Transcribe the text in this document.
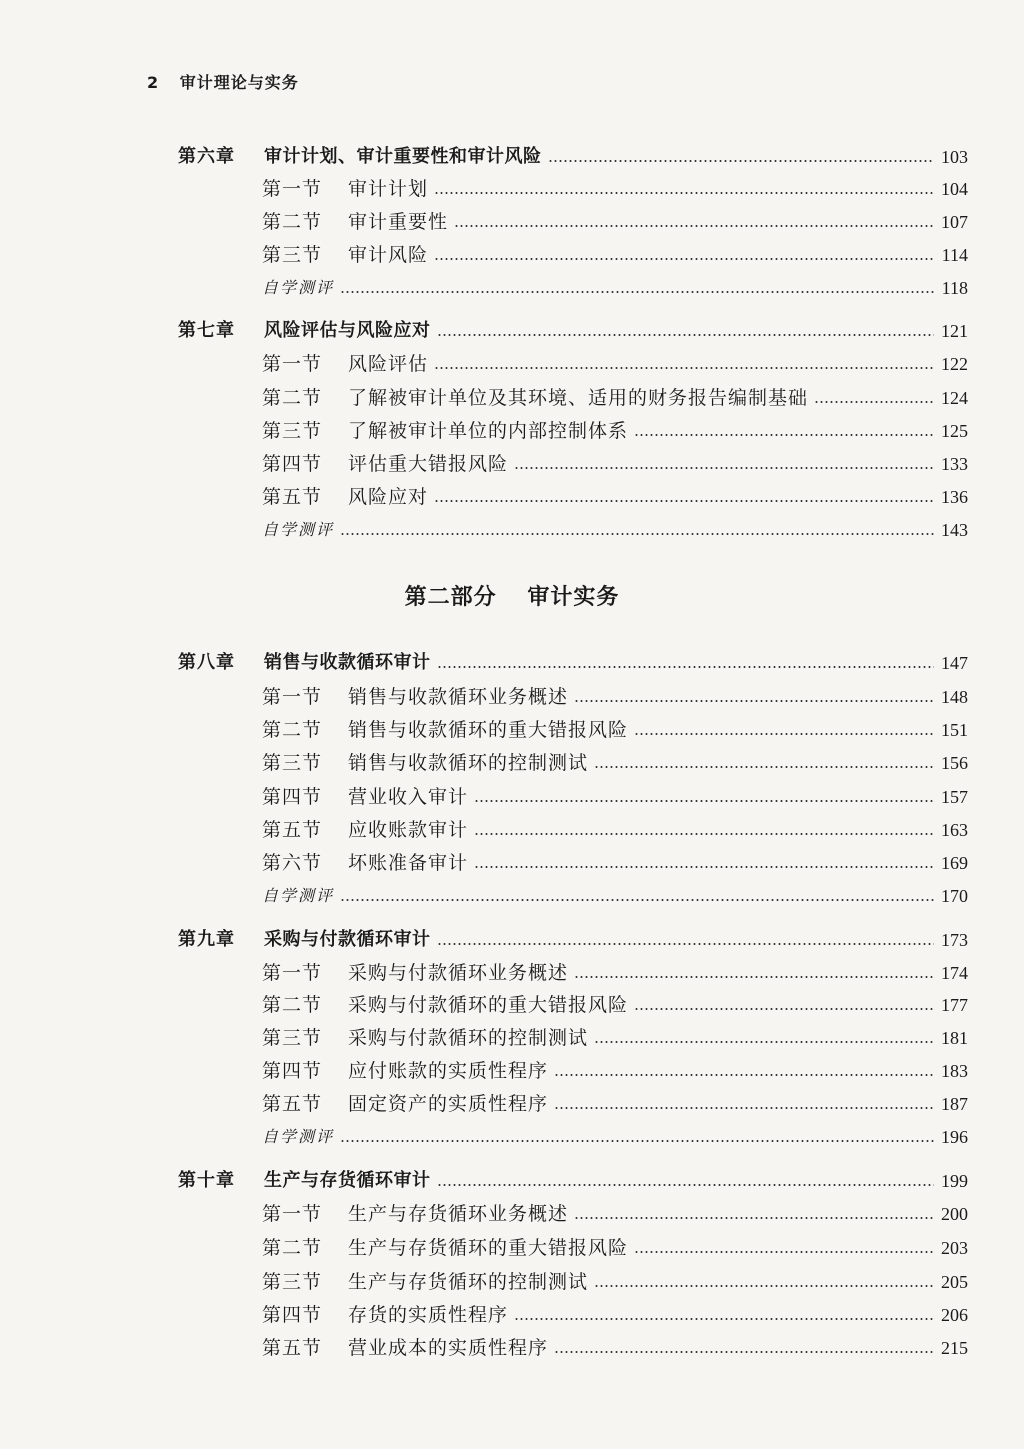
2 审计理论与实务
第二部分 审计实务
第六章	审计计划、审计重要性和审计风险	103
第一节	审计计划	104
第二节	审计重要性	107
第三节	审计风险	114
自学测评	118
第七章	风险评估与风险应对	121
第一节	风险评估	122
第二节	了解被审计单位及其环境、适用的财务报告编制基础	124
第三节	了解被审计单位的内部控制体系	125
第四节	评估重大错报风险	133
第五节	风险应对	136
自学测评	143
第八章	销售与收款循环审计	147
第一节	销售与收款循环业务概述	148
第二节	销售与收款循环的重大错报风险	151
第三节	销售与收款循环的控制测试	156
第四节	营业收入审计	157
第五节	应收账款审计	163
第六节	坏账准备审计	169
自学测评	170
第九章	采购与付款循环审计	173
第一节	采购与付款循环业务概述	174
第二节	采购与付款循环的重大错报风险	177
第三节	采购与付款循环的控制测试	181
第四节	应付账款的实质性程序	183
第五节	固定资产的实质性程序	187
自学测评	196
第十章	生产与存货循环审计	199
第一节	生产与存货循环业务概述	200
第二节	生产与存货循环的重大错报风险	203
第三节	生产与存货循环的控制测试	205
第四节	存货的实质性程序	206
第五节	营业成本的实质性程序	215
